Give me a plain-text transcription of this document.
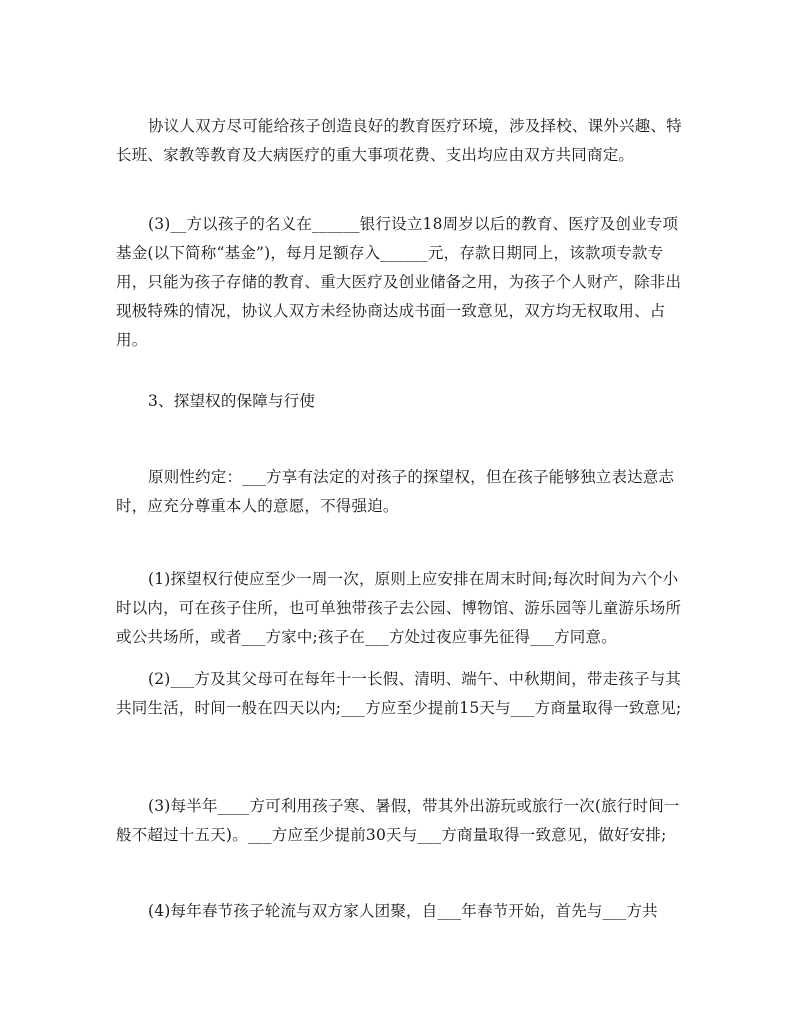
协议人双方尽可能给孩子创造良好的教育医疗环境，涉及择校、课外兴趣、特长班、家教等教育及大病医疗的重大事项花费、支出均应由双方共同商定。

(3)__方以孩子的名义在______银行设立18周岁以后的教育、医疗及创业专项基金(以下简称“基金”)，每月足额存入______元，存款日期同上，该款项专款专用，只能为孩子存储的教育、重大医疗及创业储备之用，为孩子个人财产，除非出现极特殊的情况，协议人双方未经协商达成书面一致意见，双方均无权取用、占用。

3、探望权的保障与行使

原则性约定：___方享有法定的对孩子的探望权，但在孩子能够独立表达意志时，应充分尊重本人的意愿，不得强迫。

(1)探望权行使应至少一周一次，原则上应安排在周末时间;每次时间为六个小时以内，可在孩子住所，也可单独带孩子去公园、博物馆、游乐园等儿童游乐场所或公共场所，或者___方家中;孩子在___方处过夜应事先征得___方同意。

(2)___方及其父母可在每年十一长假、清明、端午、中秋期间，带走孩子与其共同生活，时间一般在四天以内;___方应至少提前15天与___方商量取得一致意见;

(3)每半年____方可利用孩子寒、暑假，带其外出游玩或旅行一次(旅行时间一般不超过十五天)。___方应至少提前30天与___方商量取得一致意见，做好安排;

(4)每年春节孩子轮流与双方家人团聚，自___年春节开始，首先与___方共
